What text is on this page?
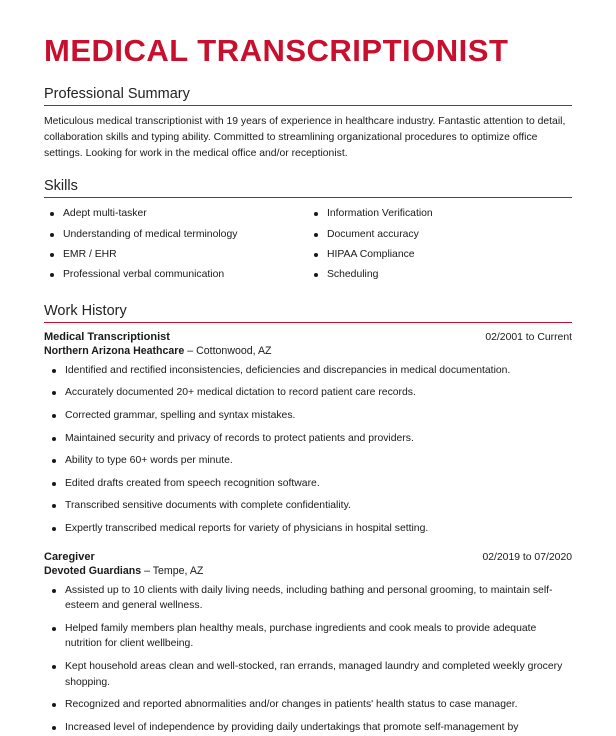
MEDICAL TRANSCRIPTIONIST
Professional Summary

Meticulous medical transcriptionist with 19 years of experience in healthcare industry. Fantastic attention to detail, collaboration skills and typing ability. Committed to streamlining organizational procedures to optimize office settings. Looking for work in the medical office and/or receptionist.

Skills
Adept multi-tasker
Understanding of medical terminology
EMR / EHR
Professional verbal communication
Information Verification
Document accuracy
HIPAA Compliance
Scheduling
Work History
Medical Transcriptionist	02/2001 to Current
Northern Arizona Heathcare – Cottonwood, AZ
Identified and rectified inconsistencies, deficiencies and discrepancies in medical documentation.
Accurately documented 20+ medical dictation to record patient care records.
Corrected grammar, spelling and syntax mistakes.
Maintained security and privacy of records to protect patients and providers.
Ability to type 60+ words per minute.
Edited drafts created from speech recognition software.
Transcribed sensitive documents with complete confidentiality.
Expertly transcribed medical reports for variety of physicians in hospital setting.
Caregiver	02/2019 to 07/2020
Devoted Guardians – Tempe, AZ
Assisted up to 10 clients with daily living needs, including bathing and personal grooming, to maintain self-esteem and general wellness.
Helped family members plan healthy meals, purchase ingredients and cook meals to provide adequate nutrition for client wellbeing.
Kept household areas clean and well-stocked, ran errands, managed laundry and completed weekly grocery shopping.
Recognized and reported abnormalities and/or changes in patients' health status to case manager.
Increased level of independence by providing daily undertakings that promote self-management by
